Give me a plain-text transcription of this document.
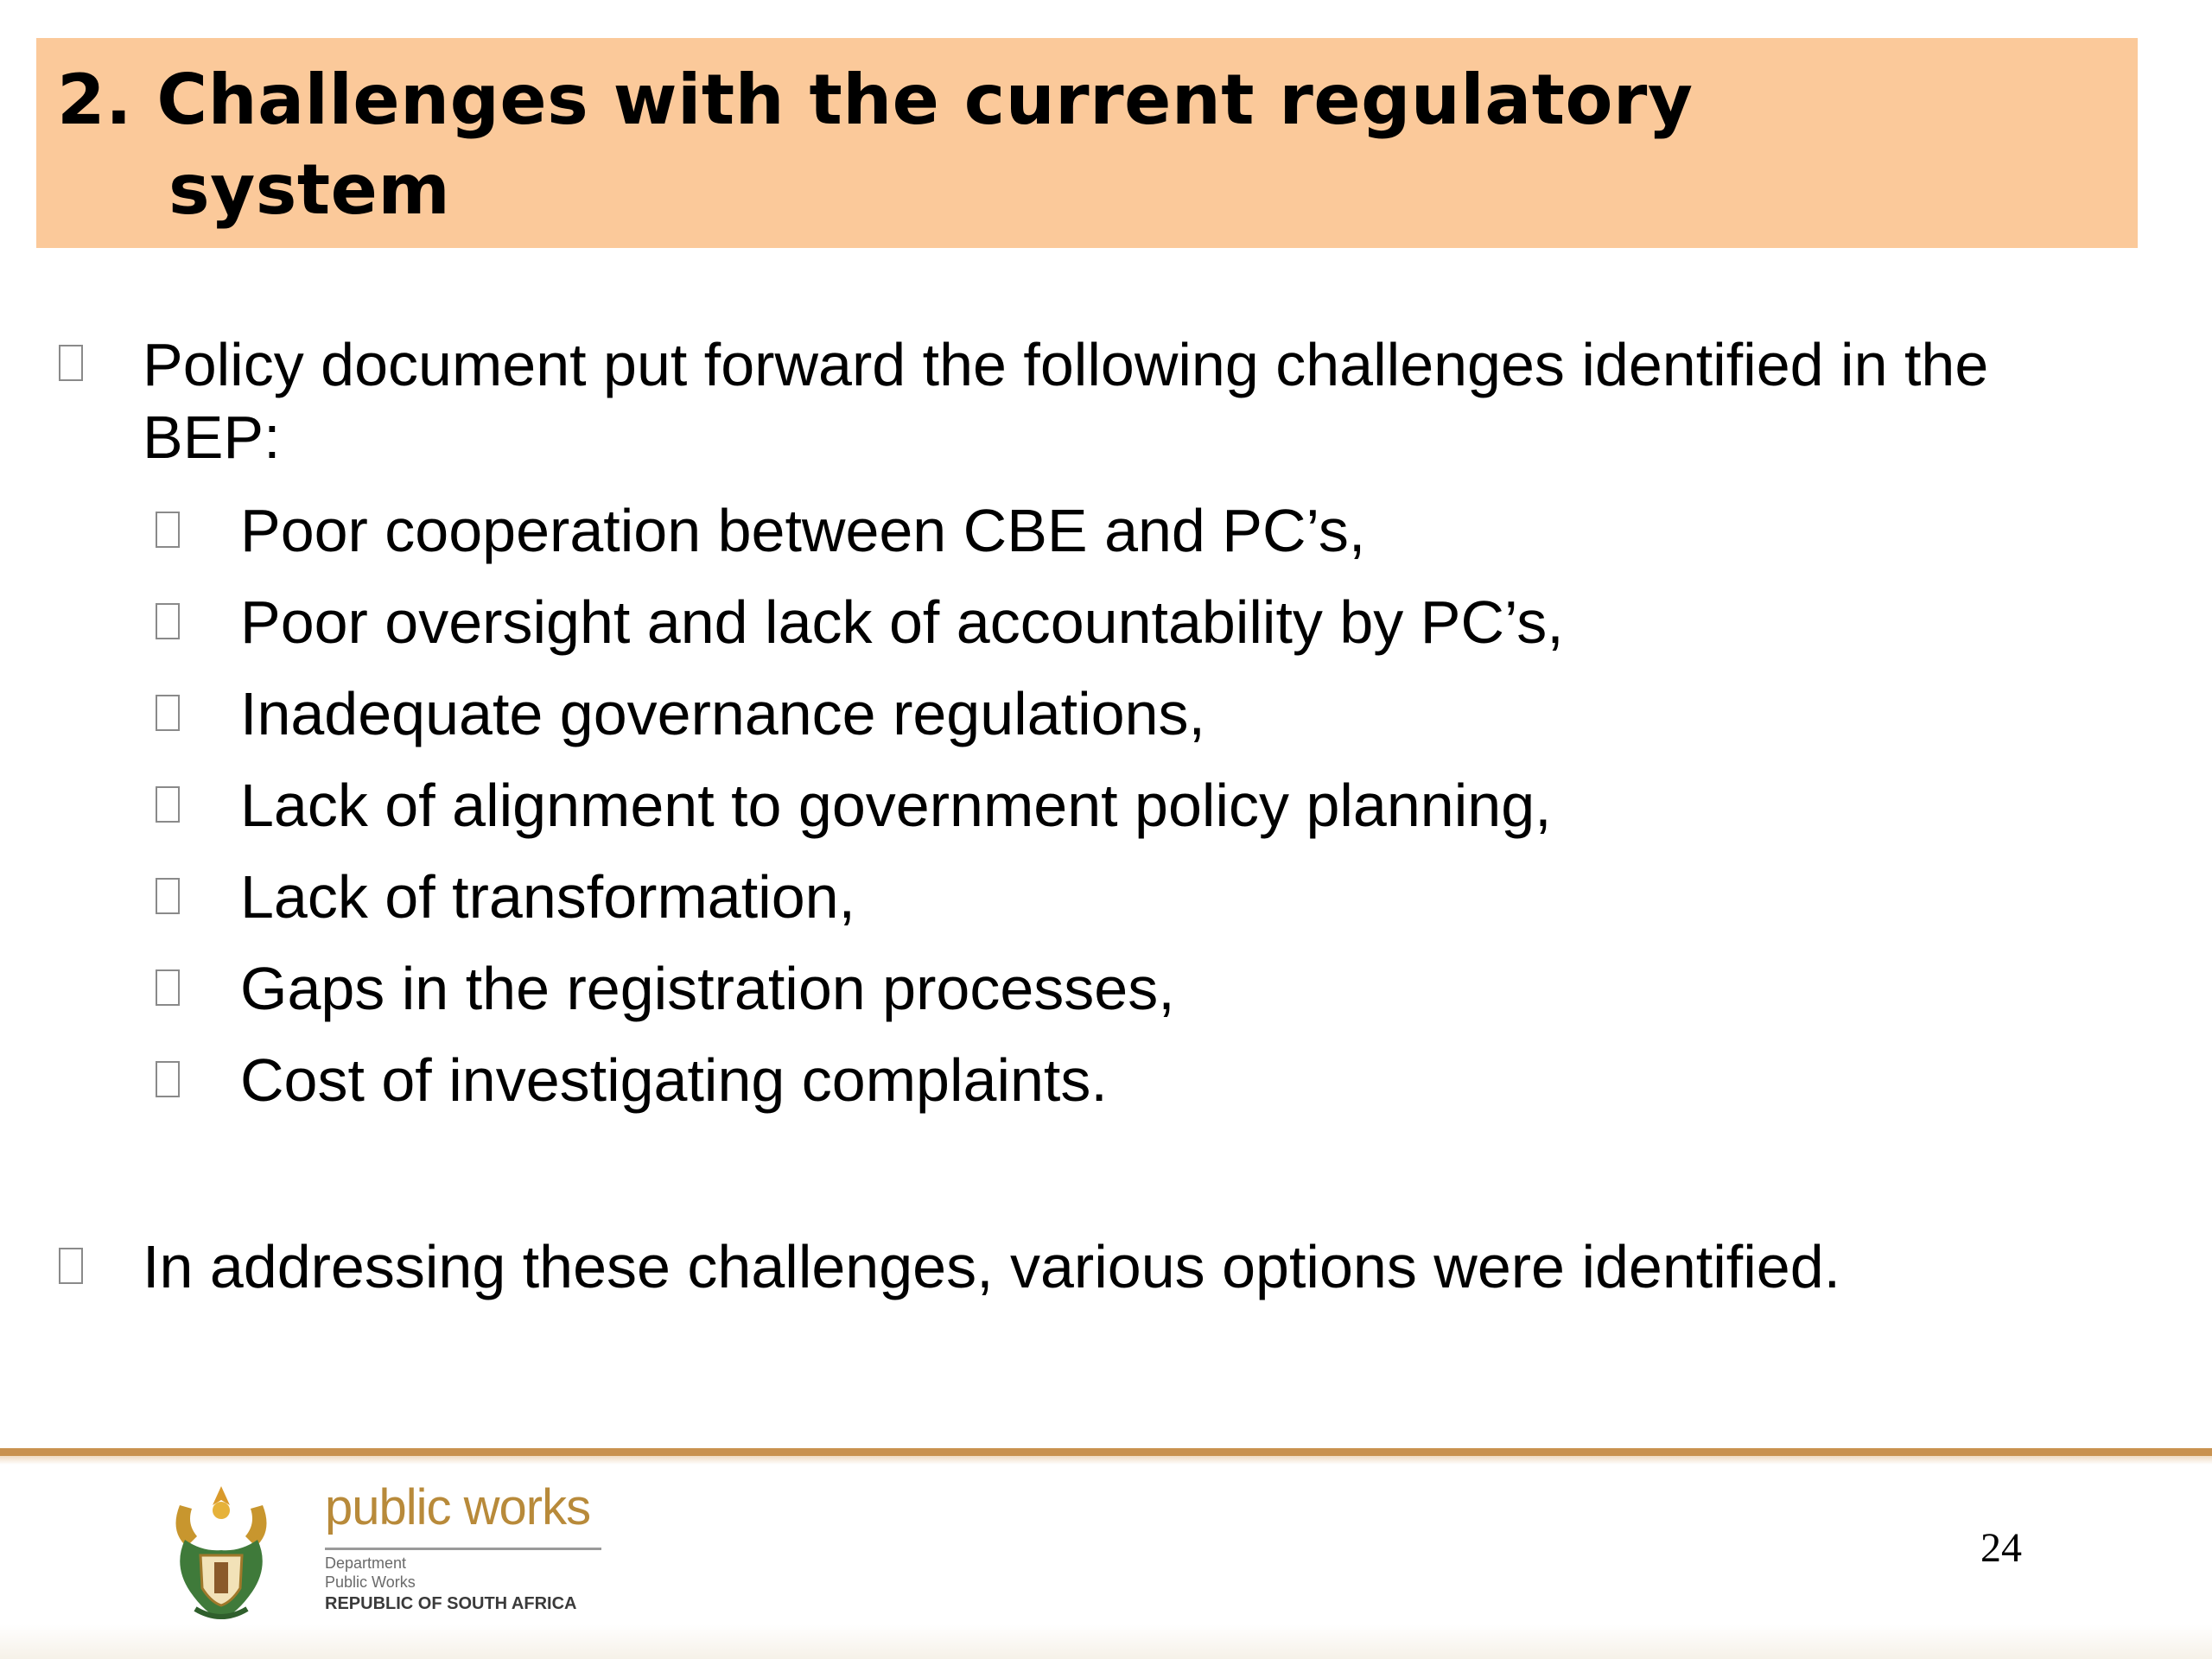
2. Challenges with the current regulatory
system
Policy document put forward the following challenges identified in the BEP:
Poor cooperation between CBE and PC’s,
Poor oversight and lack of accountability by PC’s,
Inadequate governance regulations,
Lack of alignment to government policy planning,
Lack of transformation,
Gaps in the registration processes,
Cost of investigating complaints.
In addressing these challenges, various options were identified.
public works
Department
Public Works
REPUBLIC OF SOUTH AFRICA
24
